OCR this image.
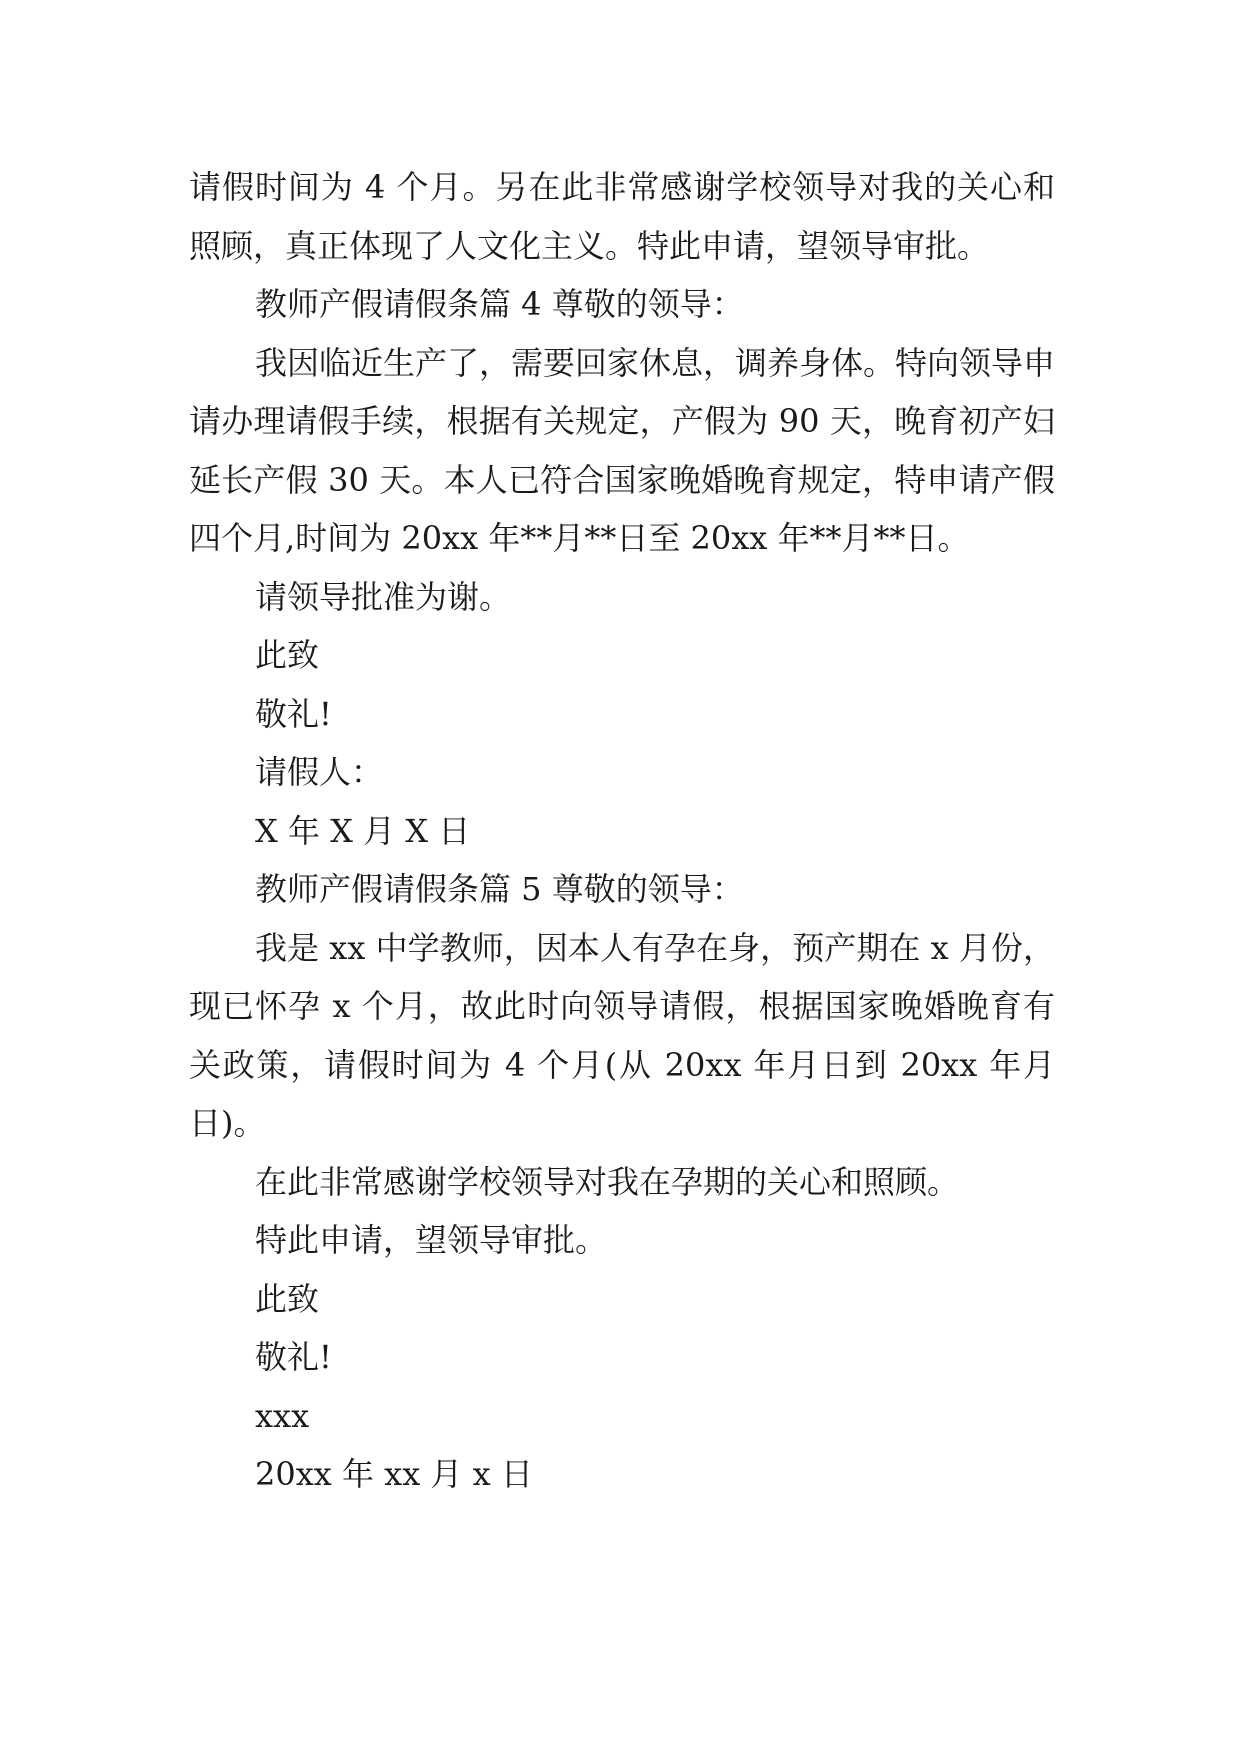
请假时间为 4 个月。另在此非常感谢学校领导对我的关心和照顾，真正体现了人文化主义。特此申请，望领导审批。

教师产假请假条篇 4 尊敬的领导：

我因临近生产了，需要回家休息，调养身体。特向领导申请办理请假手续，根据有关规定，产假为 90 天，晚育初产妇延长产假 30 天。本人已符合国家晚婚晚育规定，特申请产假四个月,时间为 20xx 年**月**日至 20xx 年**月**日。

请领导批准为谢。

此致

敬礼!

请假人：

X 年 X 月 X 日

教师产假请假条篇 5 尊敬的领导：

我是 xx 中学教师，因本人有孕在身，预产期在 x 月份，现已怀孕 x 个月，故此时向领导请假，根据国家晚婚晚育有关政策，请假时间为 4 个月(从 20xx 年月日到 20xx 年月日)。

在此非常感谢学校领导对我在孕期的关心和照顾。

特此申请，望领导审批。

此致

敬礼!

xxx

20xx 年 xx 月 x 日
